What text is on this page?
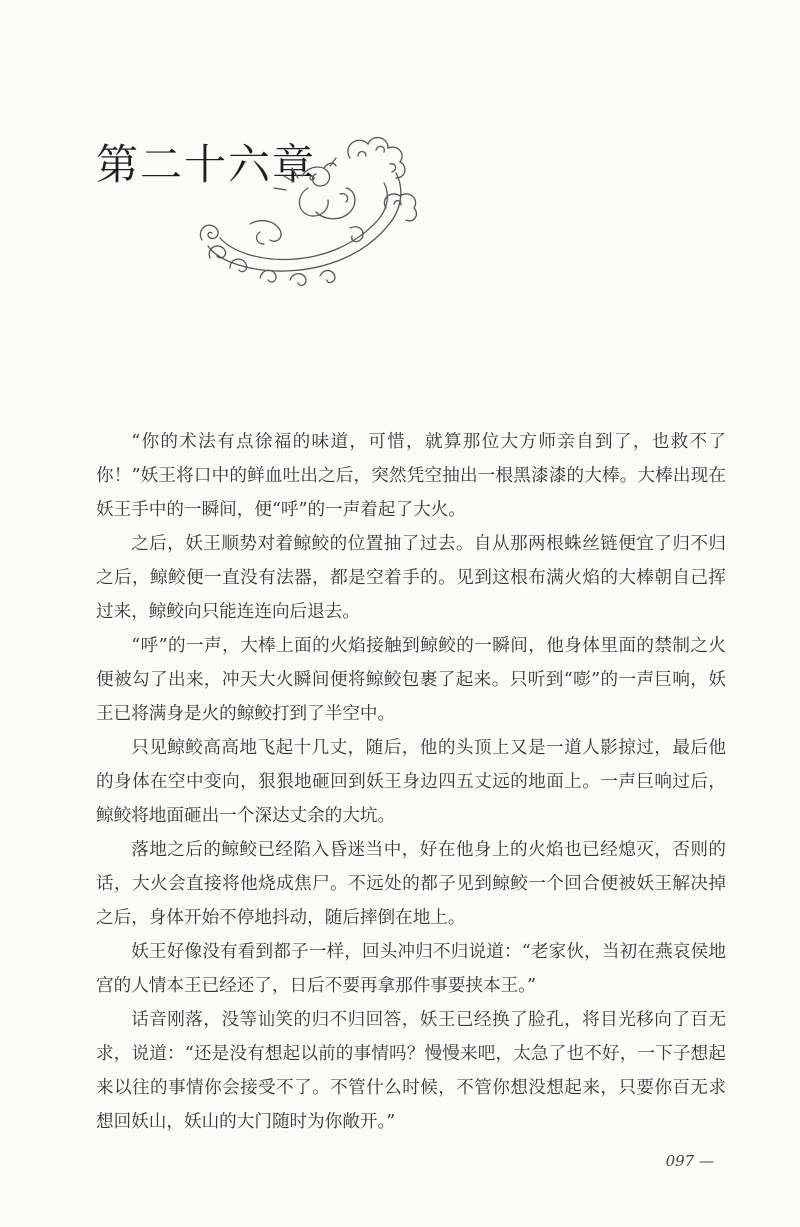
第二十六章

“你的术法有点徐福的味道，可惜，就算那位大方师亲自到了，也救不了你！”妖王将口中的鲜血吐出之后，突然凭空抽出一根黑漆漆的大棒。大棒出现在妖王手中的一瞬间，便“呼”的一声着起了大火。

之后，妖王顺势对着鲸鲛的位置抽了过去。自从那两根蛛丝链便宜了归不归之后，鲸鲛便一直没有法器，都是空着手的。见到这根布满火焰的大棒朝自己挥过来，鲸鲛向只能连连向后退去。

“呼”的一声，大棒上面的火焰接触到鲸鲛的一瞬间，他身体里面的禁制之火便被勾了出来，冲天大火瞬间便将鲸鲛包裹了起来。只听到“嘭”的一声巨响，妖王已将满身是火的鲸鲛打到了半空中。

只见鲸鲛高高地飞起十几丈，随后，他的头顶上又是一道人影掠过，最后他的身体在空中变向，狠狠地砸回到妖王身边四五丈远的地面上。一声巨响过后，鲸鲛将地面砸出一个深达丈余的大坑。

落地之后的鲸鲛已经陷入昏迷当中，好在他身上的火焰也已经熄灭，否则的话，大火会直接将他烧成焦尸。不远处的都子见到鲸鲛一个回合便被妖王解决掉之后，身体开始不停地抖动，随后摔倒在地上。

妖王好像没有看到都子一样，回头冲归不归说道：“老家伙，当初在燕哀侯地宫的人情本王已经还了，日后不要再拿那件事要挟本王。”

话音刚落，没等讪笑的归不归回答，妖王已经换了脸孔，将目光移向了百无求，说道：“还是没有想起以前的事情吗？慢慢来吧，太急了也不好，一下子想起来以往的事情你会接受不了。不管什么时候，不管你想没想起来，只要你百无求想回妖山，妖山的大门随时为你敞开。”

097 —
